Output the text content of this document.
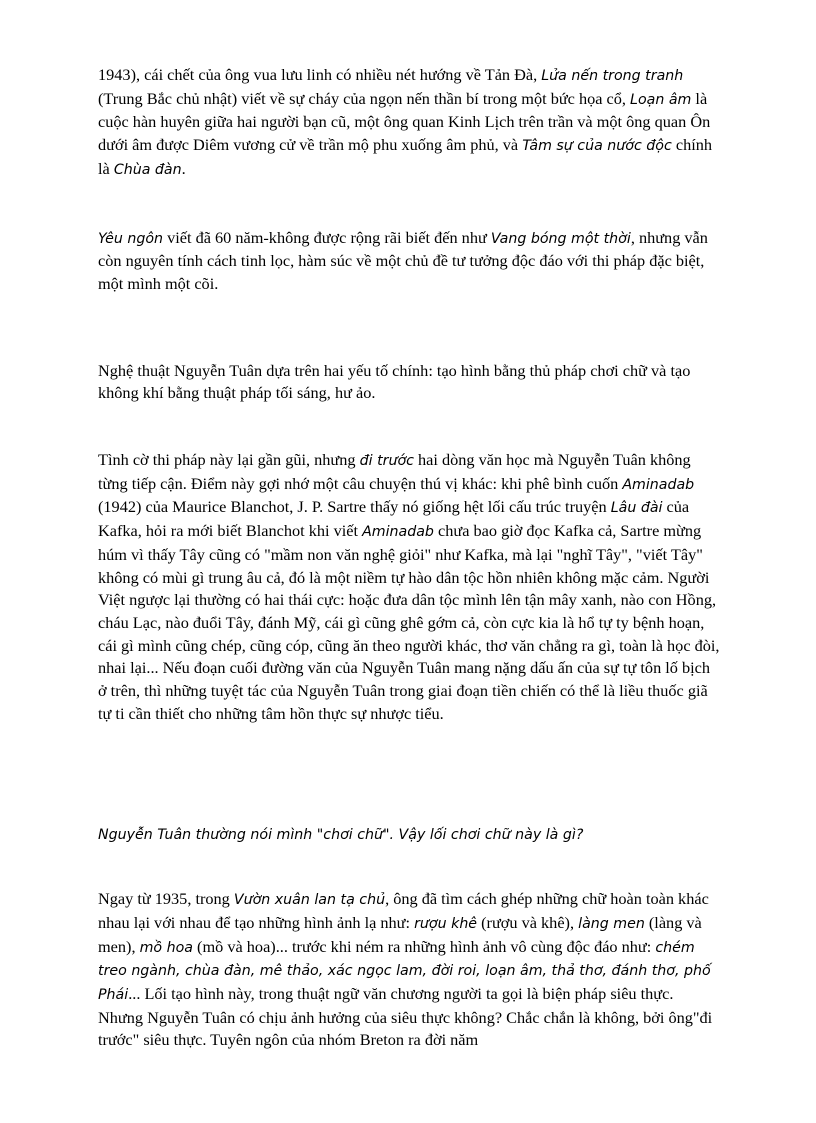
1943), cái chết của ông vua lưu linh có nhiều nét hướng về Tản Đà, Lửa nến trong tranh (Trung Bắc chủ nhật) viết về sự cháy của ngọn nến thần bí trong một bức họa cổ, Loạn âm là cuộc hàn huyên giữa hai người bạn cũ, một ông quan Kinh Lịch trên trần và một ông quan Ôn dưới âm được Diêm vương cử về trần mộ phu xuống âm phủ, và Tâm sự của nước độc chính là Chùa đàn.

Yêu ngôn viết đã 60 năm-không được rộng rãi biết đến như Vang bóng một thời, nhưng vẫn còn nguyên tính cách tinh lọc, hàm súc về một chủ đề tư tưởng độc đáo với thi pháp đặc biệt, một mình một cõi.

Nghệ thuật Nguyễn Tuân dựa trên hai yếu tố chính: tạo hình bằng thủ pháp chơi chữ và tạo không khí bằng thuật pháp tối sáng, hư ảo.

Tình cờ thi pháp này lại gần gũi, nhưng đi trước hai dòng văn học mà Nguyễn Tuân không từng tiếp cận. Điểm này gợi nhớ một câu chuyện thú vị khác: khi phê bình cuốn Aminadab (1942) của Maurice Blanchot, J. P. Sartre thấy nó giống hệt lối cấu trúc truyện Lâu đài của Kafka, hỏi ra mới biết Blanchot khi viết Aminadab chưa bao giờ đọc Kafka cả, Sartre mừng húm vì thấy Tây cũng có "mầm non văn nghệ giỏi" như Kafka, mà lại "nghĩ Tây", "viết Tây" không có mùi gì trung âu cả, đó là một niềm tự hào dân tộc hồn nhiên không mặc cảm. Người Việt ngược lại thường có hai thái cực: hoặc đưa dân tộc mình lên tận mây xanh, nào con Hồng, cháu Lạc, nào đuổi Tây, đánh Mỹ, cái gì cũng ghê gớm cả, còn cực kia là hổ tự ty bệnh hoạn, cái gì mình cũng chép, cũng cóp, cũng ăn theo người khác, thơ văn chẳng ra gì, toàn là học đòi, nhai lại... Nếu đoạn cuối đường văn của Nguyễn Tuân mang nặng dấu ấn của sự tự tôn lố bịch ở trên, thì những tuyệt tác của Nguyễn Tuân trong giai đoạn tiền chiến có thể là liều thuốc giã tự ti cần thiết cho những tâm hồn thực sự nhược tiểu.

Nguyễn Tuân thường nói mình "chơi chữ". Vậy lối chơi chữ này là gì?

Ngay từ 1935, trong Vườn xuân lan tạ chủ, ông đã tìm cách ghép những chữ hoàn toàn khác nhau lại với nhau để tạo những hình ảnh lạ như: rượu khê (rượu và khê), làng men (làng và men), mồ hoa (mồ và hoa)... trước khi ném ra những hình ảnh vô cùng độc đáo như: chém treo ngành, chùa đàn, mê thảo, xác ngọc lam, đời roi, loạn âm, thả thơ, đánh thơ, phố Phái... Lối tạo hình này, trong thuật ngữ văn chương người ta gọi là biện pháp siêu thực.

Nhưng Nguyễn Tuân có chịu ảnh hưởng của siêu thực không? Chắc chắn là không, bởi ông"đi trước" siêu thực. Tuyên ngôn của nhóm Breton ra đời năm
